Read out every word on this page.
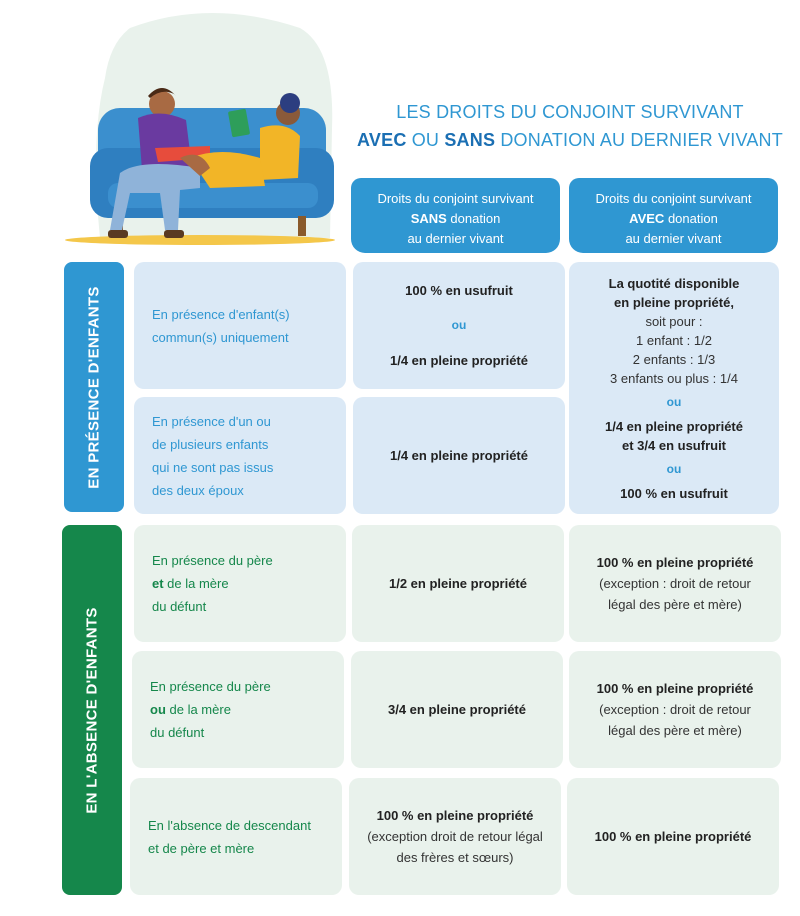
LES DROITS DU CONJOINT SURVIVANT
AVEC OU SANS DONATION AU DERNIER VIVANT
Droits du conjoint survivant
SANS donation
au dernier vivant
Droits du conjoint survivant
AVEC donation
au dernier vivant
EN PRÉSENCE D'ENFANTS
EN L'ABSENCE D'ENFANTS
En présence d'enfant(s)
commun(s) uniquement
100 % en usufruit
ou
1/4 en pleine propriété
La quotité disponible
en pleine propriété,
soit pour :
1 enfant : 1/2
2 enfants : 1/3
3 enfants ou plus : 1/4
ou
1/4 en pleine propriété
et 3/4 en usufruit
ou
100 % en usufruit
En présence d'un ou
de plusieurs enfants
qui ne sont pas issus
des deux époux
1/4 en pleine propriété
En présence du père
et de la mère
du défunt
1/2 en pleine propriété
100 % en pleine propriété
(exception : droit de retour
légal des père et mère)
En présence du père
ou de la mère
du défunt
3/4 en pleine propriété
100 % en pleine propriété
(exception : droit de retour
légal des père et mère)
En l'absence de descendant
et de père et mère
100 % en pleine propriété
(exception droit de retour légal
des frères et sœurs)
100 % en pleine propriété
